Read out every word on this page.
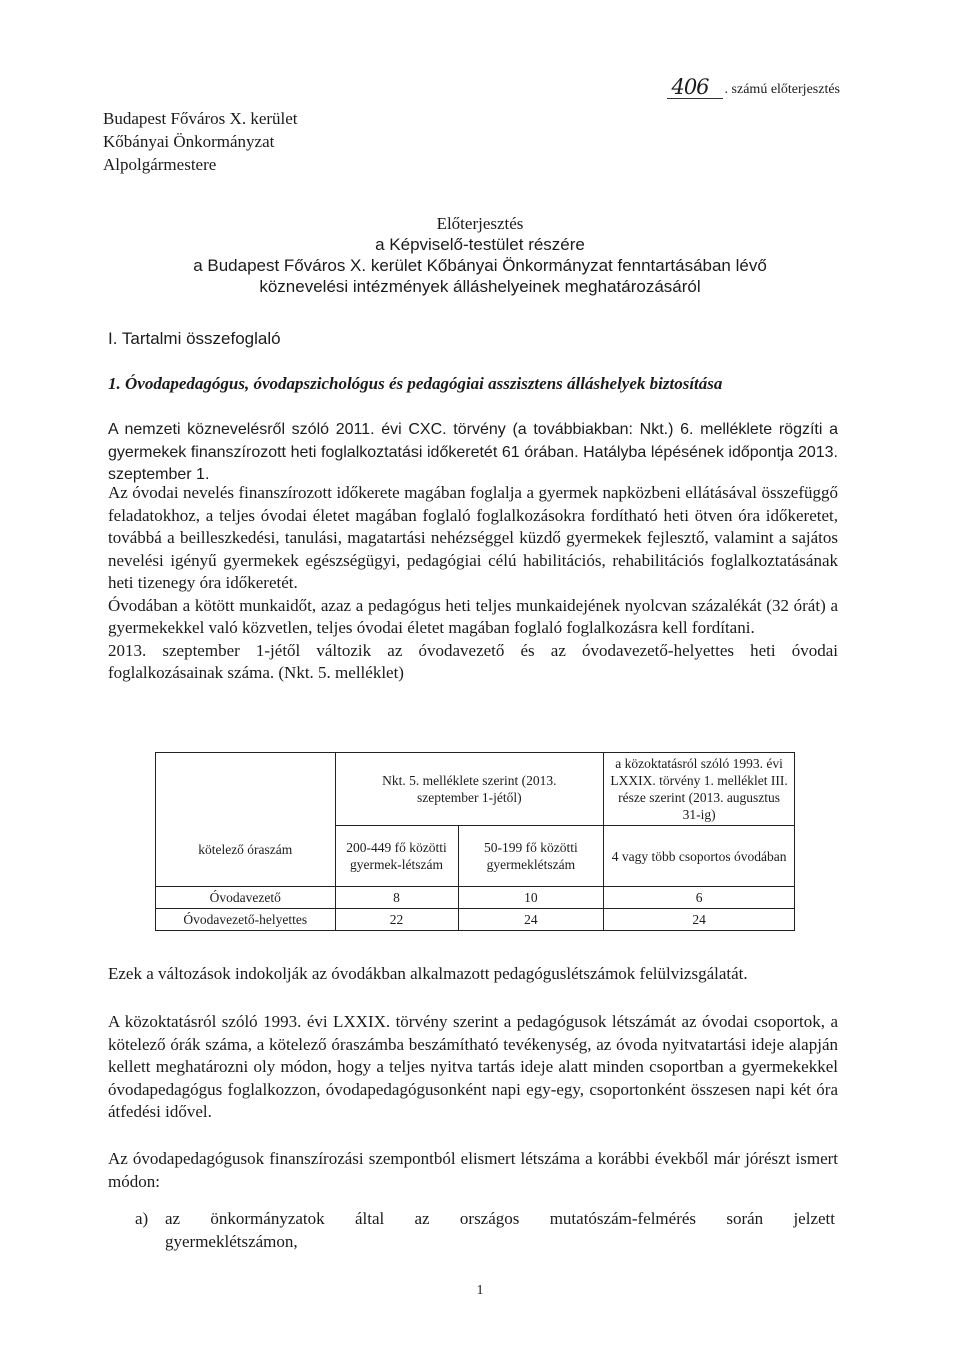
Budapest Főváros X. kerület
Kőbányai Önkormányzat
Alpolgármestere
406	. számú előterjesztés
Előterjesztés
a Képviselő-testület részére
a Budapest Főváros X. kerület Kőbányai Önkormányzat fenntartásában lévő
köznevelési intézmények álláshelyeinek meghatározásáról
I. Tartalmi összefoglaló
1. Óvodapedagógus, óvodapszichológus és pedagógiai asszisztens álláshelyek biztosítása

A nemzeti köznevelésről szóló 2011. évi CXC. törvény (a továbbiakban: Nkt.) 6. melléklete rögzíti a gyermekek finanszírozott heti foglalkoztatási időkeretét 61 órában. Hatályba lépésének időpontja 2013. szeptember 1.

Az óvodai nevelés finanszírozott időkerete magában foglalja a gyermek napközbeni ellátásával összefüggő feladatokhoz, a teljes óvodai életet magában foglaló foglalkozásokra fordítható heti ötven óra időkeretet, továbbá a beilleszkedési, tanulási, magatartási nehézséggel küzdő gyermekek fejlesztő, valamint a sajátos nevelési igényű gyermekek egészségügyi, pedagógiai célú habilitációs, rehabilitációs foglalkoztatásának heti tizenegy óra időkeretét.

Óvodában a kötött munkaidőt, azaz a pedagógus heti teljes munkaidejének nyolcvan százalékát (32 órát) a gyermekekkel való közvetlen, teljes óvodai életet magában foglaló foglalkozásra kell fordítani.

2013. szeptember 1-jétől változik az óvodavezető és az óvodavezető-helyettes heti óvodai foglalkozásainak száma. (Nkt. 5. melléklet)

kötelező óraszám	Nkt. 5. melléklete szerint (2013. szeptember 1-jétől)		a közoktatásról szóló 1993. évi LXXIX. törvény 1. melléklet III. része szerint (2013. augusztus 31-ig)
	200-449 fő közötti gyermek-létszám	50-199 fő közötti gyermeklétszám	4 vagy több csoportos óvodában
Óvodavezető	8	10	6
Óvodavezető-helyettes	22	24	24

Ezek a változások indokolják az óvodákban alkalmazott pedagóguslétszámok felülvizsgálatát.

A közoktatásról szóló 1993. évi LXXIX. törvény szerint a pedagógusok létszámát az óvodai csoportok, a kötelező órák száma, a kötelező óraszámba beszámítható tevékenység, az óvoda nyitvatartási ideje alapján kellett meghatározni oly módon, hogy a teljes nyitva tartás ideje alatt minden csoportban a gyermekekkel óvodapedagógus foglalkozzon, óvodapedagógusonként napi egy-egy, csoportonként összesen napi két óra átfedési idővel.

Az óvodapedagógusok finanszírozási szempontból elismert létszáma a korábbi évekből már jórészt ismert módon:

a) az önkormányzatok által az országos mutatószám-felmérés során jelzett
gyermeklétszámon,
1
